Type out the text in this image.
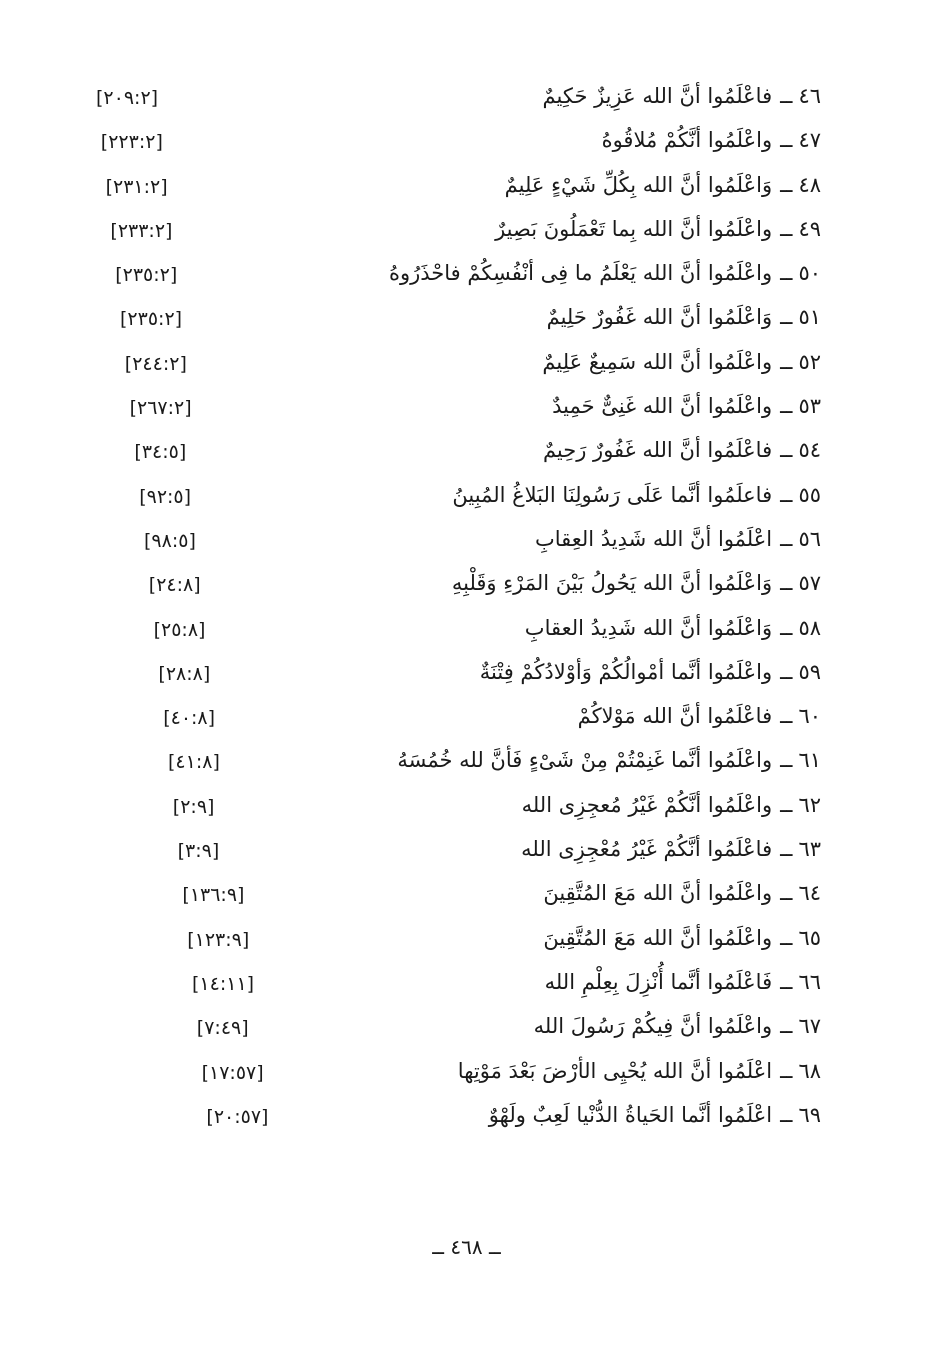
٤٦ــفاعْلَمُوا أنَّ الله عَزِيزٌ حَكِيمٌ
[٢٠٩:٢]
٤٧ــواعْلَمُوا أنَّكُمْ مُلاقُوهُ
[٢٢٣:٢]
٤٨ــوَاعْلَمُوا أنَّ الله بِكُلِّ شَيْءٍ عَلِيمٌ
[٢٣١:٢]
٤٩ــواعْلَمُوا أنَّ الله بِما تَعْمَلُونَ بَصِيرٌ
[٢٣٣:٢]
٥٠ــواعْلَمُوا أنَّ الله يَعْلَمُ ما فِى أنْفُسِكُمْ فاحْذَرُوهُ
[٢٣٥:٢]
٥١ــوَاعْلَمُوا أنَّ الله غَفُورٌ حَلِيمٌ
[٢٣٥:٢]
٥٢ــواعْلَمُوا أنَّ الله سَمِيعٌ عَلِيمٌ
[٢٤٤:٢]
٥٣ــواعْلَمُوا أنَّ الله غَنِىٌّ حَمِيدٌ
[٢٦٧:٢]
٥٤ــفاعْلَمُوا أنَّ الله غَفُورٌ رَحِيمٌ
[٣٤:٥]
٥٥ــفاعلَمُوا أنَّما عَلَى رَسُولِنَا البَلاغُ المُبِينُ
[٩٢:٥]
٥٦ــاعْلَمُوا أنَّ الله شَدِيدُ العِقابِ
[٩٨:٥]
٥٧ــوَاعْلَمُوا أنَّ الله يَحُولُ بَيْنَ المَرْءِ وَقَلْبِهِ
[٢٤:٨]
٥٨ــوَاعْلَمُوا أنَّ الله شَدِيدُ العقابِ
[٢٥:٨]
٥٩ــواعْلَمُوا أنَّما أمْوالُكُمْ وَأوْلادُكُمْ فِتْنَةٌ
[٢٨:٨]
٦٠ــفاعْلَمُوا أنَّ الله مَوْلاكُمْ
[٤٠:٨]
٦١ــواعْلَمُوا أنَّما غَنِمْتُمْ مِنْ شَىْءٍ فَأنَّ لله خُمُسَهُ
[٤١:٨]
٦٢ــواعْلَمُوا أنَّكُمْ غَيْرُ مُعجِزِى الله
[٢:٩]
٦٣ــفاعْلَمُوا أنَّكُمْ غَيْرُ مُعْجِزِى الله
[٣:٩]
٦٤ــواعْلَمُوا أنَّ الله مَعَ المُتَّقِينَ
[١٣٦:٩]
٦٥ــواعْلَمُوا أنَّ الله مَعَ المُتَّقِينَ
[١٢٣:٩]
٦٦ــفَاعْلَمُوا أنَّما أُنْزِلَ بِعِلْمِ الله
[١٤:١١]
٦٧ــواعْلَمُوا أنَّ فِيكُمْ رَسُولَ الله
[٧:٤٩]
٦٨ــاعْلَمُوا أنَّ الله يُحْيِى الأرْضَ بَعْدَ مَوْتِها
[١٧:٥٧]
٦٩ــاعْلَمُوا أنَّما الحَياةُ الدُّنْيا لَعِبٌ ولَهْوٌ
[٢٠:٥٧]
ــ ٤٦٨ ــ
